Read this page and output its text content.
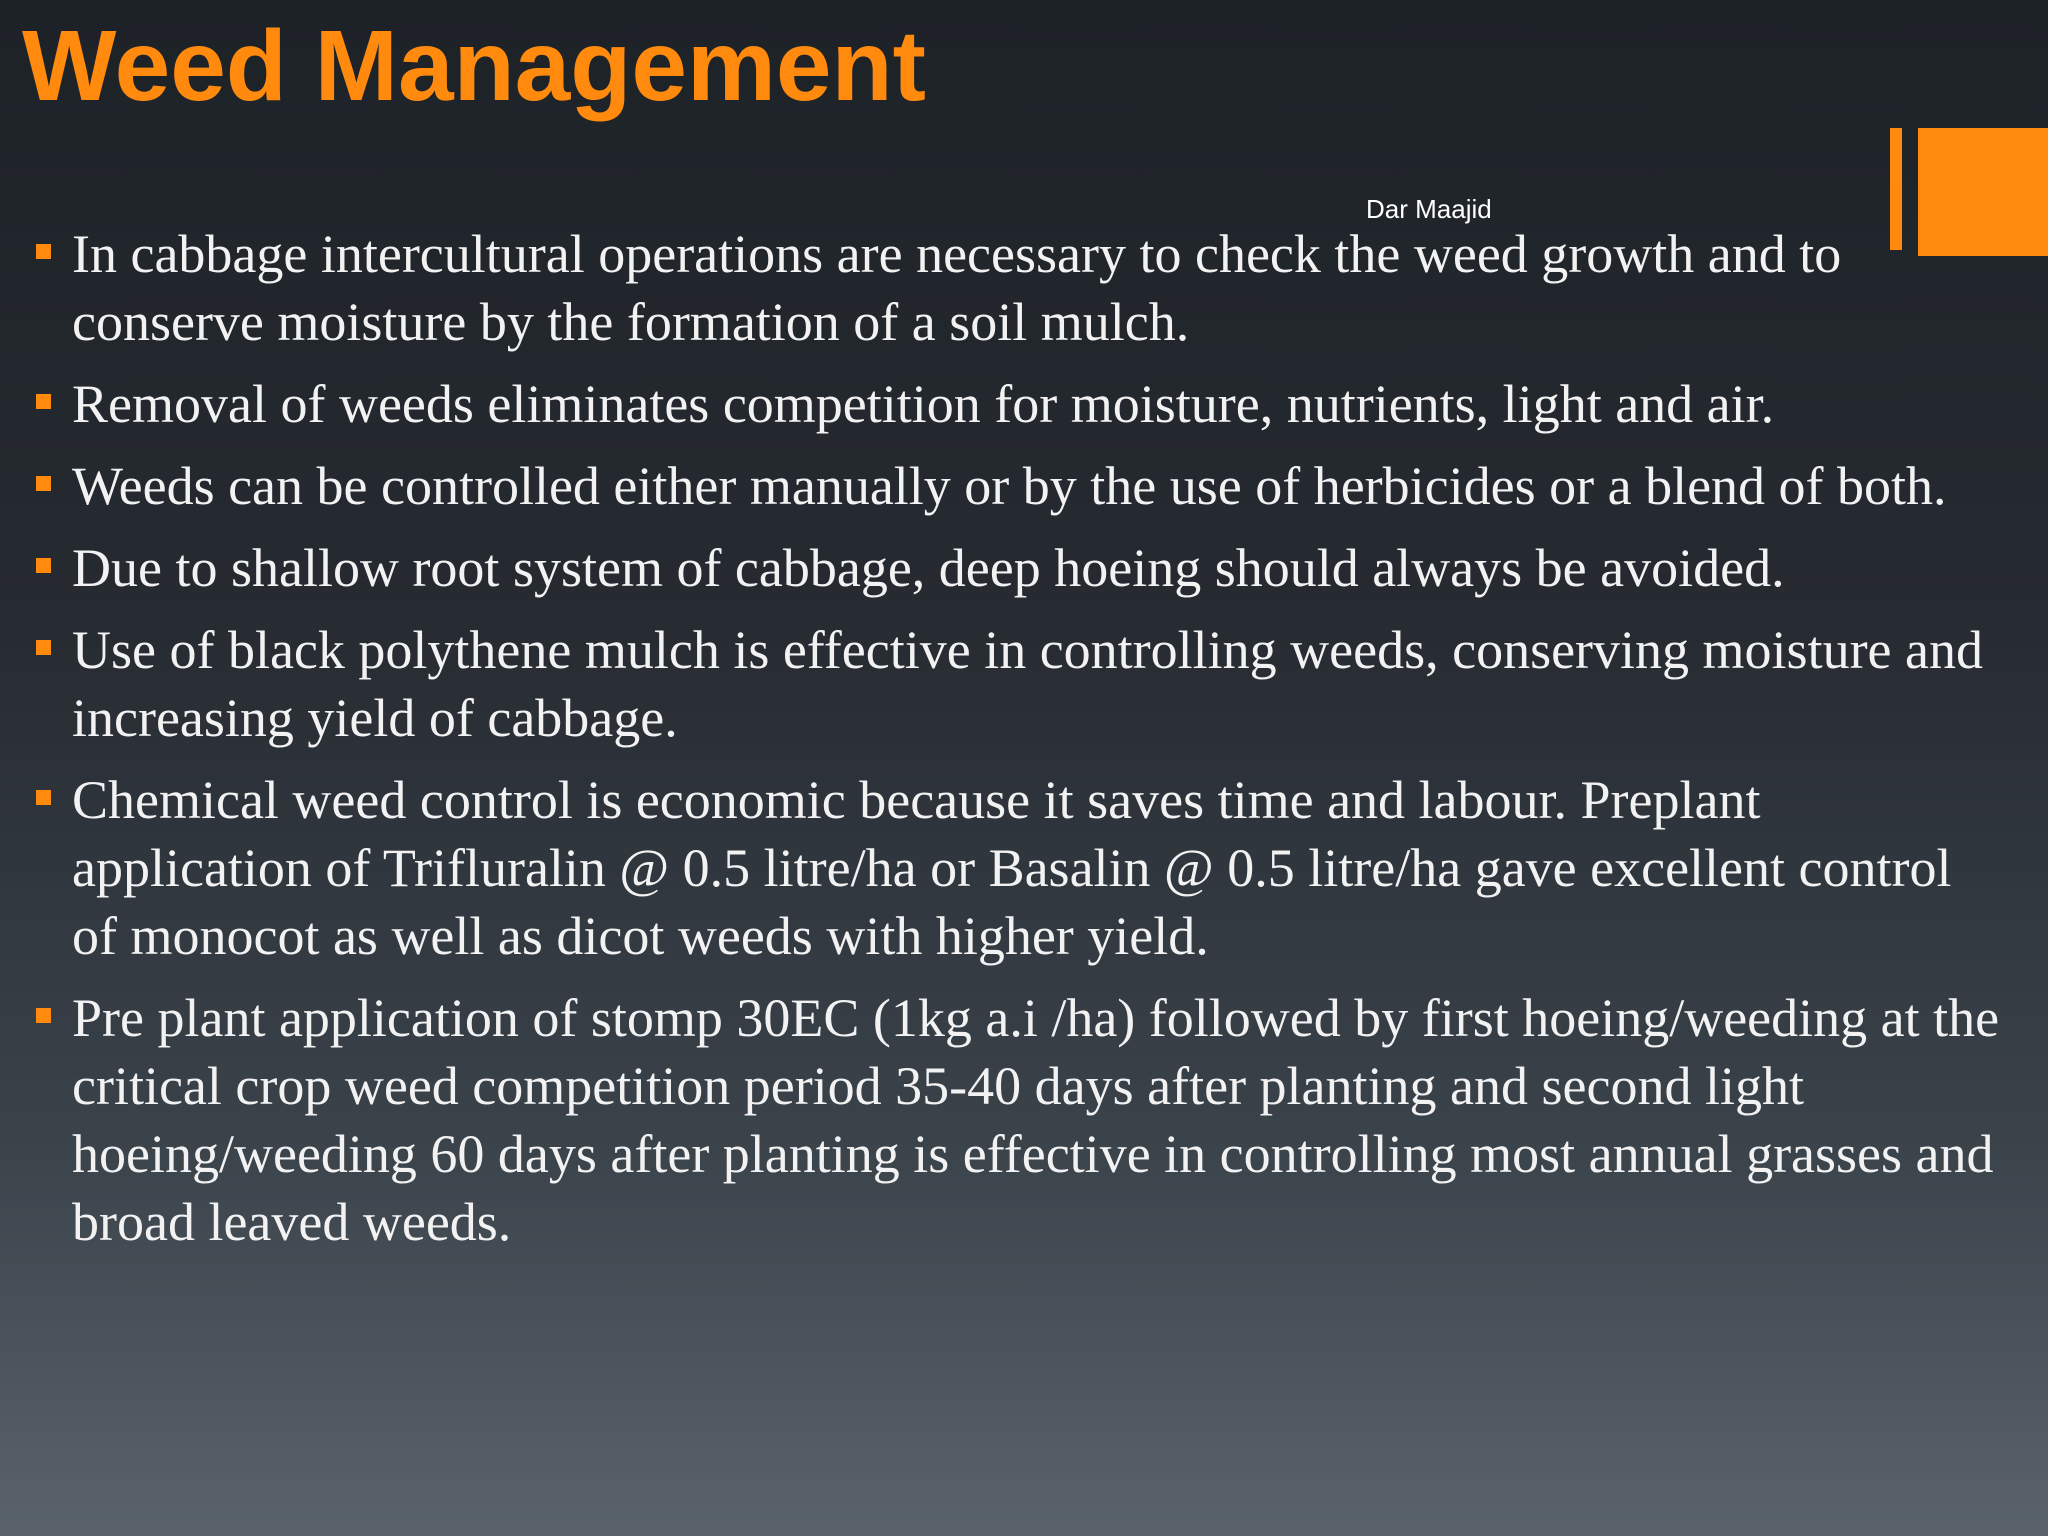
Weed Management
Dar Maajid
In cabbage intercultural operations are necessary to check the weed growth and to conserve moisture by the formation of a soil mulch.
Removal of weeds eliminates competition for moisture, nutrients, light and air.
Weeds can be controlled either manually or by the use of herbicides or a blend of both.
Due to shallow root system of cabbage, deep hoeing should always be avoided.
Use of black polythene mulch is effective in controlling weeds, conserving moisture and increasing yield of cabbage.
Chemical weed control is economic because it saves time and labour. Preplant application of Trifluralin @ 0.5 litre/ha or Basalin @ 0.5 litre/ha gave excellent control of monocot as well as dicot weeds with higher yield.
Pre plant application of stomp 30EC (1kg a.i /ha) followed by first hoeing/weeding at the critical crop weed competition period 35-40 days after planting and second light hoeing/weeding 60 days after planting is effective in controlling most annual grasses and broad leaved weeds.
